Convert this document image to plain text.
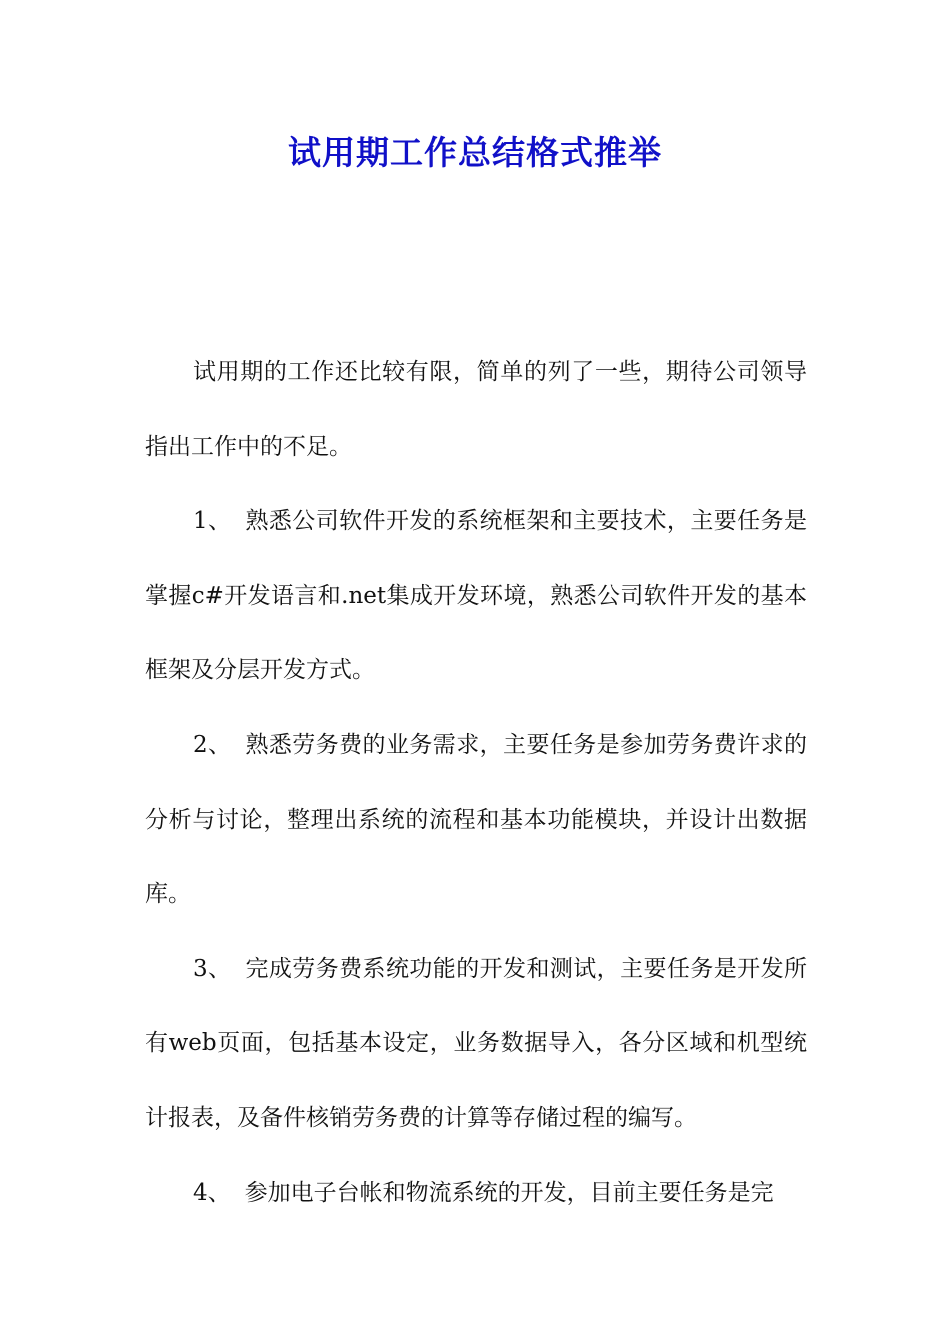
试用期工作总结格式推举

试用期的工作还比较有限，简单的列了一些，期待公司领导指出工作中的不足。

1、 熟悉公司软件开发的系统框架和主要技术，主要任务是掌握c#开发语言和.net集成开发环境，熟悉公司软件开发的基本框架及分层开发方式。

2、 熟悉劳务费的业务需求，主要任务是参加劳务费许求的分析与讨论，整理出系统的流程和基本功能模块，并设计出数据库。

3、 完成劳务费系统功能的开发和测试，主要任务是开发所有web页面，包括基本设定，业务数据导入，各分区域和机型统计报表，及备件核销劳务费的计算等存储过程的编写。

4、 参加电子台帐和物流系统的开发，目前主要任务是完
